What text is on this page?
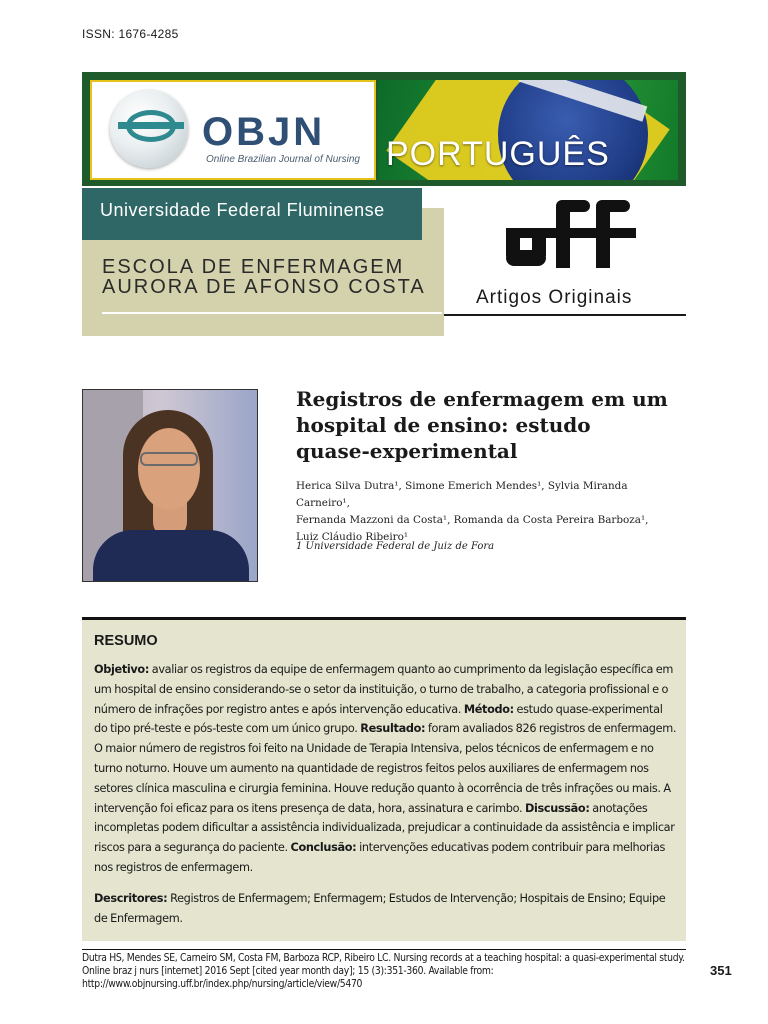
ISSN: 1676-4285
OBJN
Online Brazilian Journal of Nursing PORTUGUÊS
Universidade Federal Fluminense
ESCOLA DE ENFERMAGEM
AURORA DE AFONSO COSTA	Artigos Originais
Registros de enfermagem em um hospital de ensino: estudo quase-experimental
Herica Silva Dutra¹, Simone Emerich Mendes¹, Sylvia Miranda Carneiro¹,
Fernanda Mazzoni da Costa¹, Romanda da Costa Pereira Barboza¹,
Luiz Cláudio Ribeiro¹
1 Universidade Federal de Juiz de Fora
RESUMO
Objetivo: avaliar os registros da equipe de enfermagem quanto ao cumprimento da legislação específica em um hospital de ensino considerando-se o setor da instituição, o turno de trabalho, a categoria profissional e o número de infrações por registro antes e após intervenção educativa. Método: estudo quase-experimental do tipo pré-teste e pós-teste com um único grupo. Resultado: foram avaliados 826 registros de enfermagem. O maior número de registros foi feito na Unidade de Terapia Intensiva, pelos técnicos de enfermagem e no turno noturno. Houve um aumento na quantidade de registros feitos pelos auxiliares de enfermagem nos setores clínica masculina e cirurgia feminina. Houve redução quanto à ocorrência de três infrações ou mais. A intervenção foi eficaz para os itens presença de data, hora, assinatura e carimbo. Discussão: anotações incompletas podem dificultar a assistência individualizada, prejudicar a continuidade da assistência e implicar riscos para a segurança do paciente. Conclusão: intervenções educativas podem contribuir para melhorias nos registros de enfermagem.
Descritores: Registros de Enfermagem; Enfermagem; Estudos de Intervenção; Hospitais de Ensino; Equipe de Enfermagem.
Dutra HS, Mendes SE, Carneiro SM, Costa FM, Barboza RCP, Ribeiro LC. Nursing records at a teaching hospital: a quasi-experimental study. Online braz j nurs [internet] 2016 Sept [cited year month day]; 15 (3):351-360. Available from: http://www.objnursing.uff.br/index.php/nursing/article/view/5470
351
